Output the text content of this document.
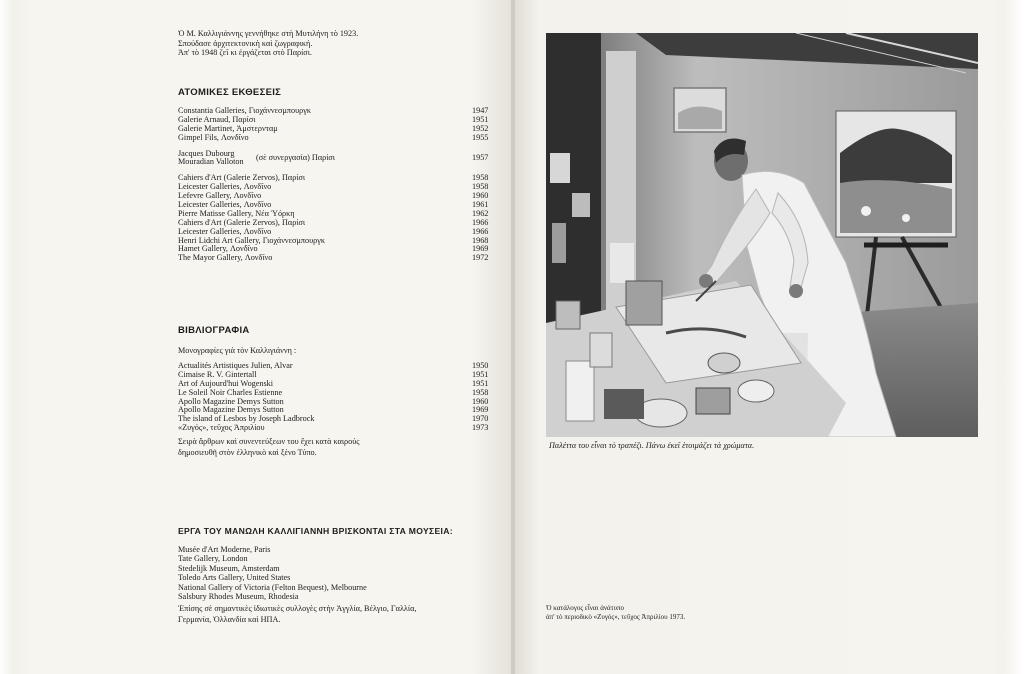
Ὁ Μ. Καλλιγιάννης γεννήθηκε στὴ Μυτιλήνη τὸ 1923.
Σπούδασε ἀρχιτεκτονικὴ καὶ ζωγραφική.
Ἀπ' τὸ 1948 ζεῖ κι ἐργάζεται στὸ Παρίσι.
ΑΤΟΜΙΚΕΣ ΕΚΘΕΣΕΙΣ
Constantia Galleries, Γιοχάννεσμπουργκ	1947
Galerie Arnaud, Παρίσι	1951
Galerie Martinet, Ἀμστερνταμ	1952
Gimpel Fils, Λονδῖνο	1955
Jacques Dubourg
Mouradian Valloton (σὲ συνεργασία) Παρίσι	1957
Cahiers d'Art (Galerie Zervos), Παρίσι	1958
Leicester Galleries, Λονδῖνο	1958
Lefevre Gallery, Λονδῖνο	1960
Leicester Galleries, Λονδῖνο	1961
Pierre Matisse Gallery, Νέα Ὑόρκη	1962
Cahiers d'Art (Galerie Zervos), Παρίσι	1966
Leicester Galleries, Λονδῖνο	1966
Henri Lidchi Art Gallery, Γιοχάννεσμπουργκ	1968
Hamet Gallery, Λονδῖνο	1969
The Mayor Gallery, Λονδῖνο	1972
ΒΙΒΛΙΟΓΡΑΦΙΑ
Μονογραφίες γιὰ τὸν Καλλιγιάννη :
Actualités Artistiques Julien, Alvar	1950
Cimaise R. V. Gintertall	1951
Art of Aujourd'hui Wogenski	1951
Le Soleil Noir Charles Estienne	1958
Apollo Magazine Demys Sutton	1960
Apollo Magazine Demys Sutton	1969
The island of Lesbos by Joseph Ladbrock	1970
«Ζυγός», τεῦχος Ἀπριλίου	1973
Σειρὰ ἄρθρων καὶ συνεντεύξεων του ἔχει κατὰ καιρούς
δημοσιευθῆ στὸν ἑλληνικὸ καὶ ξένο Τύπο.
ΕΡΓΑ ΤΟΥ ΜΑΝΩΛΗ ΚΑΛΛΙΓΙΑΝΝΗ ΒΡΙΣΚΟΝΤΑΙ ΣΤΑ ΜΟΥΣΕΙΑ:
Musée d'Art Moderne, Paris
Tate Gallery, London
Stedelijk Museum, Amsterdam
Toledo Arts Gallery, United States
National Gallery of Victoria (Felton Bequest), Melbourne
Salsbury Rhodes Museum, Rhodesia
Ἐπίσης σὲ σημαντικὲς ἰδιωτικὲς συλλογὲς στὴν Ἀγγλία, Βέλγιο, Γαλλία,
Γερμανία, Ὀλλανδία καὶ ΗΠΑ.
Παλέττα του εἶναι τὸ τραπέζι. Πάνω ἐκεῖ ἑτοιμάζει τὰ χρώματα.
Ὁ κατάλογος εἶναι ἀνάτυπο
ἀπ' τὸ περιοδικὸ «Ζυγός», τεῦχος Ἀπριλίου 1973.
